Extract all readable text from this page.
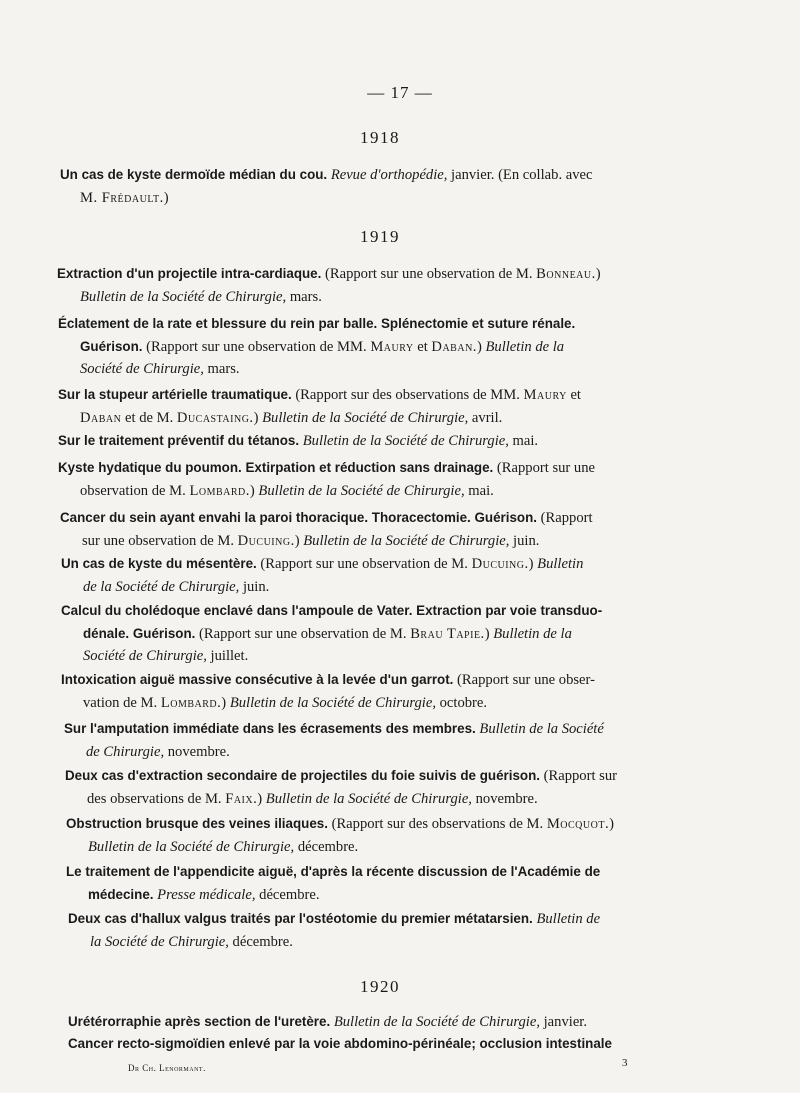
— 17 —
1918
Un cas de kyste dermoïde médian du cou. Revue d'orthopédie, janvier. (En collab. avec
M. Frédault.)
1919
Extraction d'un projectile intra-cardiaque. (Rapport sur une observation de M. Bonneau.)
Bulletin de la Société de Chirurgie, mars.
Éclatement de la rate et blessure du rein par balle. Splénectomie et suture rénale.
Guérison. (Rapport sur une observation de MM. Maury et Daban.) Bulletin de la
Société de Chirurgie, mars.
Sur la stupeur artérielle traumatique. (Rapport sur des observations de MM. Maury et
Daban et de M. Ducastaing.) Bulletin de la Société de Chirurgie, avril.
Sur le traitement préventif du tétanos. Bulletin de la Société de Chirurgie, mai.
Kyste hydatique du poumon. Extirpation et réduction sans drainage. (Rapport sur une
observation de M. Lombard.) Bulletin de la Société de Chirurgie, mai.
Cancer du sein ayant envahi la paroi thoracique. Thoracectomie. Guérison. (Rapport
sur une observation de M. Ducuing.) Bulletin de la Société de Chirurgie, juin.
Un cas de kyste du mésentère. (Rapport sur une observation de M. Ducuing.) Bulletin
de la Société de Chirurgie, juin.
Calcul du cholédoque enclavé dans l'ampoule de Vater. Extraction par voie transduo-
dénale. Guérison. (Rapport sur une observation de M. Brau Tapie.) Bulletin de la
Société de Chirurgie, juillet.
Intoxication aiguë massive consécutive à la levée d'un garrot. (Rapport sur une obser-
vation de M. Lombard.) Bulletin de la Société de Chirurgie, octobre.
Sur l'amputation immédiate dans les écrasements des membres. Bulletin de la Société
de Chirurgie, novembre.
Deux cas d'extraction secondaire de projectiles du foie suivis de guérison. (Rapport sur
des observations de M. Faix.) Bulletin de la Société de Chirurgie, novembre.
Obstruction brusque des veines iliaques. (Rapport sur des observations de M. Mocquot.)
Bulletin de la Société de Chirurgie, décembre.
Le traitement de l'appendicite aiguë, d'après la récente discussion de l'Académie de
médecine. Presse médicale, décembre.
Deux cas d'hallux valgus traités par l'ostéotomie du premier métatarsien. Bulletin de
la Société de Chirurgie, décembre.
1920
Urétérorraphie après section de l'uretère. Bulletin de la Société de Chirurgie, janvier.
Cancer recto-sigmoïdien enlevé par la voie abdomino-périnéale; occlusion intestinale
Dr Ch. Lenormant.	3
